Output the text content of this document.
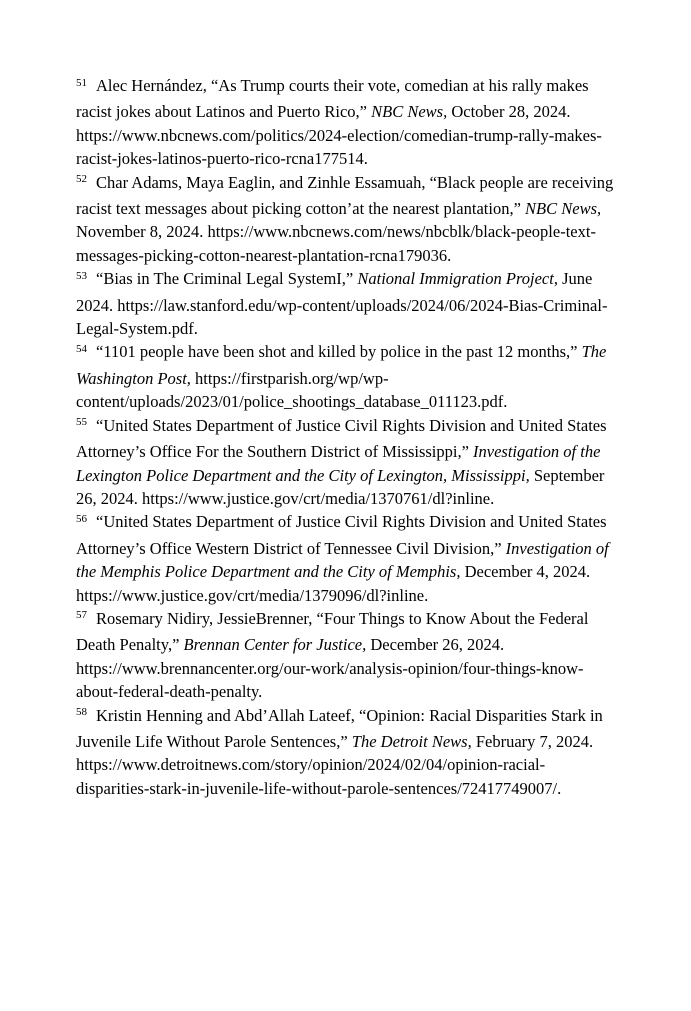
$^{51}$ Alec Hernández, “As Trump courts their vote, comedian at his rally makes racist jokes about Latinos and Puerto Rico,” NBC News, October 28, 2024. https://www.nbcnews.com/politics/2024-election/comedian-trump-rally-makes-racist-jokes-latinos-puerto-rico-rcna177514.

$^{52}$ Char Adams, Maya Eaglin, and Zinhle Essamuah, “Black people are receiving racist text messages about picking cotton’at the nearest plantation,” NBC News, November 8, 2024. https://www.nbcnews.com/news/nbcblk/black-people-text-messages-picking-cotton-nearest-plantation-rcna179036.

$^{53}$ “Bias in The Criminal Legal SystemI,” National Immigration Project, June 2024. https://law.stanford.edu/wp-content/uploads/2024/06/2024-Bias-Criminal-Legal-System.pdf.

$^{54}$ “1101 people have been shot and killed by police in the past 12 months,” The Washington Post, https://firstparish.org/wp/wp-content/uploads/2023/01/police_shootings_database_011123.pdf.

$^{55}$ “United States Department of Justice Civil Rights Division and United States Attorney’s Office For the Southern District of Mississippi,” Investigation of the Lexington Police Department and the City of Lexington, Mississippi, September 26, 2024. https://www.justice.gov/crt/media/1370761/dl?inline.

$^{56}$ “United States Department of Justice Civil Rights Division and United States Attorney’s Office Western District of Tennessee Civil Division,” Investigation of the Memphis Police Department and the City of Memphis, December 4, 2024. https://www.justice.gov/crt/media/1379096/dl?inline.

$^{57}$ Rosemary Nidiry, JessieBrenner, “Four Things to Know About the Federal Death Penalty,” Brennan Center for Justice, December 26, 2024. https://www.brennancenter.org/our-work/analysis-opinion/four-things-know-about-federal-death-penalty.

$^{58}$ Kristin Henning and Abd’Allah Lateef, “Opinion: Racial Disparities Stark in Juvenile Life Without Parole Sentences,” The Detroit News, February 7, 2024. https://www.detroitnews.com/story/opinion/2024/02/04/opinion-racial-disparities-stark-in-juvenile-life-without-parole-sentences/72417749007/.
